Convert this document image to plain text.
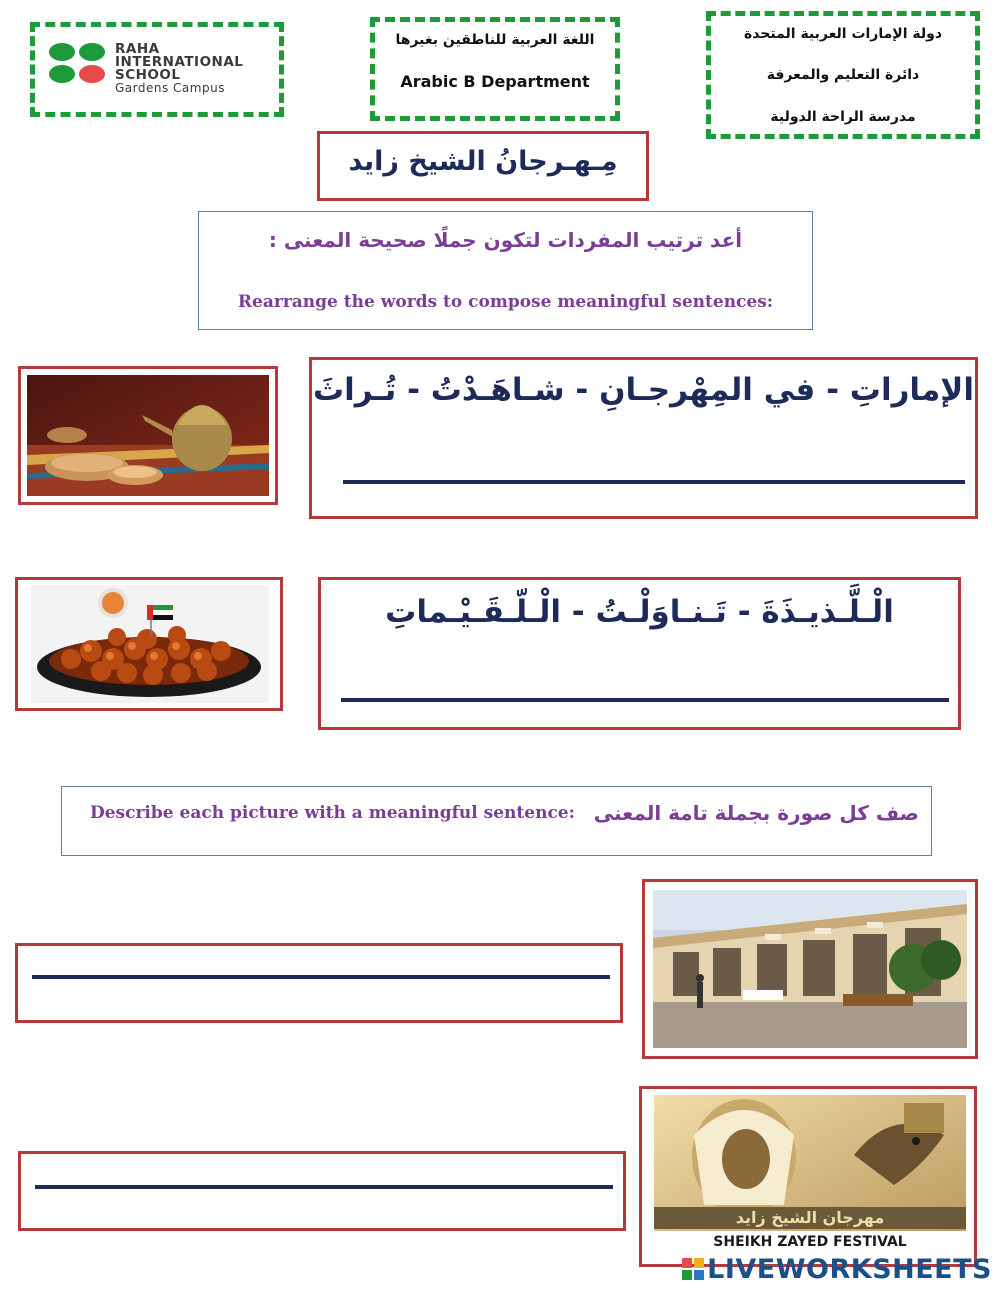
RAHA
INTERNATIONAL
SCHOOL
Gardens Campus
اللغة العربية للناطقين بغيرها
Arabic B Department
دولة الإمارات العربية المتحدة
دائرة التعليم والمعرفة
مدرسة الراحة الدولية
مِـهـرجانُ الشيخ زايد
أعد ترتيب المفردات لتكون جملًا صحيحة المعنى :
Rearrange the words to compose meaningful sentences:
الإماراتِ - في المِهْرجـانِ - شـاهَـدْتُ - تُـراثَ
الْـلَّـذيـذَةَ - تَـنـاوَلْـتُ - الْـلّـقَـيْـماتِ
Describe each picture with a meaningful sentence: صف كل صورة بجملة تامة المعنى
مهرجان الشيخ زايد
SHEIKH ZAYED FESTIVAL
LIVEWORKSHEETS
